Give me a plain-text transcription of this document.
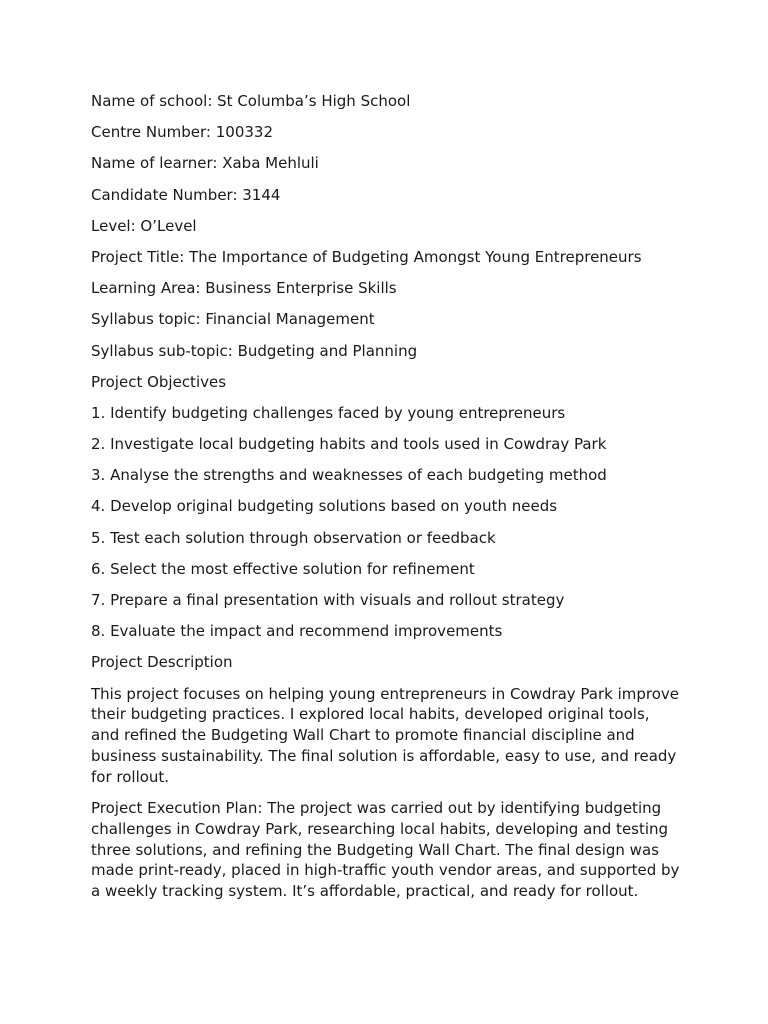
Name of school: St Columba’s High School

Centre Number: 100332

Name of learner: Xaba Mehluli

Candidate Number: 3144

Level: O’Level

Project Title: The Importance of Budgeting Amongst Young Entrepreneurs

Learning Area: Business Enterprise Skills

Syllabus topic: Financial Management

Syllabus sub-topic: Budgeting and Planning

Project Objectives

1. Identify budgeting challenges faced by young entrepreneurs

2. Investigate local budgeting habits and tools used in Cowdray Park

3. Analyse the strengths and weaknesses of each budgeting method

4. Develop original budgeting solutions based on youth needs

5. Test each solution through observation or feedback

6. Select the most effective solution for refinement

7. Prepare a final presentation with visuals and rollout strategy

8. Evaluate the impact and recommend improvements

Project Description

This project focuses on helping young entrepreneurs in Cowdray Park improve their budgeting practices. I explored local habits, developed original tools, and refined the Budgeting Wall Chart to promote financial discipline and business sustainability. The final solution is affordable, easy to use, and ready for rollout.

Project Execution Plan: The project was carried out by identifying budgeting challenges in Cowdray Park, researching local habits, developing and testing three solutions, and refining the Budgeting Wall Chart. The final design was made print-ready, placed in high-traffic youth vendor areas, and supported by a weekly tracking system. It’s affordable, practical, and ready for rollout.
